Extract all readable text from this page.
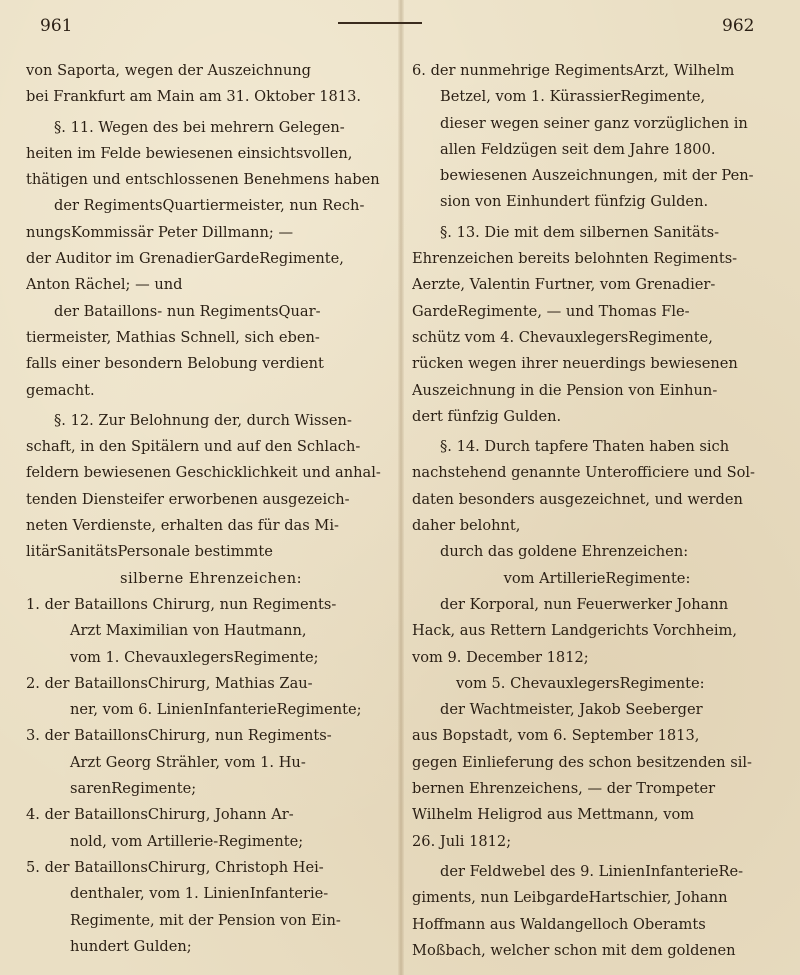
961	962
von Saporta, wegen der Auszeichnung
bei Frankfurt am Main am 31. Oktober 1813.
§. 11. Wegen des bei mehrern Gelegen-
heiten im Felde bewiesenen einsichtsvollen,
thätigen und entschlossenen Benehmens haben
der RegimentsQuartiermeister, nun Rech-
nungsKommissär Peter Dillmann; —
der Auditor im GrenadierGardeRegimente,
Anton Rächel; — und
der Bataillons- nun RegimentsQuar-
tiermeister, Mathias Schnell, sich eben-
falls einer besondern Belobung verdient
gemacht.
§. 12. Zur Belohnung der, durch Wissen-
schaft, in den Spitälern und auf den Schlach-
feldern bewiesenen Geschicklichkeit und anhal-
tenden Diensteifer erworbenen ausgezeich-
neten Verdienste, erhalten das für das Mi-
litärSanitätsPersonale bestimmte
silberne Ehrenzeichen:
1. der Bataillons Chirurg, nun Regiments-
Arzt Maximilian von Hautmann,
vom 1. ChevauxlegersRegimente;
2. der BataillonsChirurg, Mathias Zau-
ner, vom 6. LinienInfanterieRegimente;
3. der BataillonsChirurg, nun Regiments-
Arzt Georg Strähler, vom 1. Hu-
sarenRegimente;
4. der BataillonsChirurg, Johann Ar-
nold, vom Artillerie-Regimente;
5. der BataillonsChirurg, Christoph Hei-
denthaler, vom 1. LinienInfanterie-
Regimente, mit der Pension von Ein-
hundert Gulden;
6. der nunmehrige RegimentsArzt, Wilhelm
Betzel, vom 1. KürassierRegimente,
dieser wegen seiner ganz vorzüglichen in
allen Feldzügen seit dem Jahre 1800.
bewiesenen Auszeichnungen, mit der Pen-
sion von Einhundert fünfzig Gulden.
§. 13. Die mit dem silbernen Sanitäts-
Ehrenzeichen bereits belohnten Regiments-
Aerzte, Valentin Furtner, vom Grenadier-
GardeRegimente, — und Thomas Fle-
schütz vom 4. ChevauxlegersRegimente,
rücken wegen ihrer neuerdings bewiesenen
Auszeichnung in die Pension von Einhun-
dert fünfzig Gulden.
§. 14. Durch tapfere Thaten haben sich
nachstehend genannte Unterofficiere und Sol-
daten besonders ausgezeichnet, und werden
daher belohnt,
durch das goldene Ehrenzeichen:
vom ArtillerieRegimente:
der Korporal, nun Feuerwerker Johann
Hack, aus Rettern Landgerichts Vorchheim,
vom 9. December 1812;
vom 5. ChevauxlegersRegimente:
der Wachtmeister, Jakob Seeberger
aus Bopstadt, vom 6. September 1813,
gegen Einlieferung des schon besitzenden sil-
bernen Ehrenzeichens, — der Trompeter
Wilhelm Heligrod aus Mettmann, vom
26. Juli 1812;
der Feldwebel des 9. LinienInfanterieRe-
giments, nun LeibgardeHartschier, Johann
Hoffmann aus Waldangelloch Oberamts
Moßbach, welcher schon mit dem goldenen
